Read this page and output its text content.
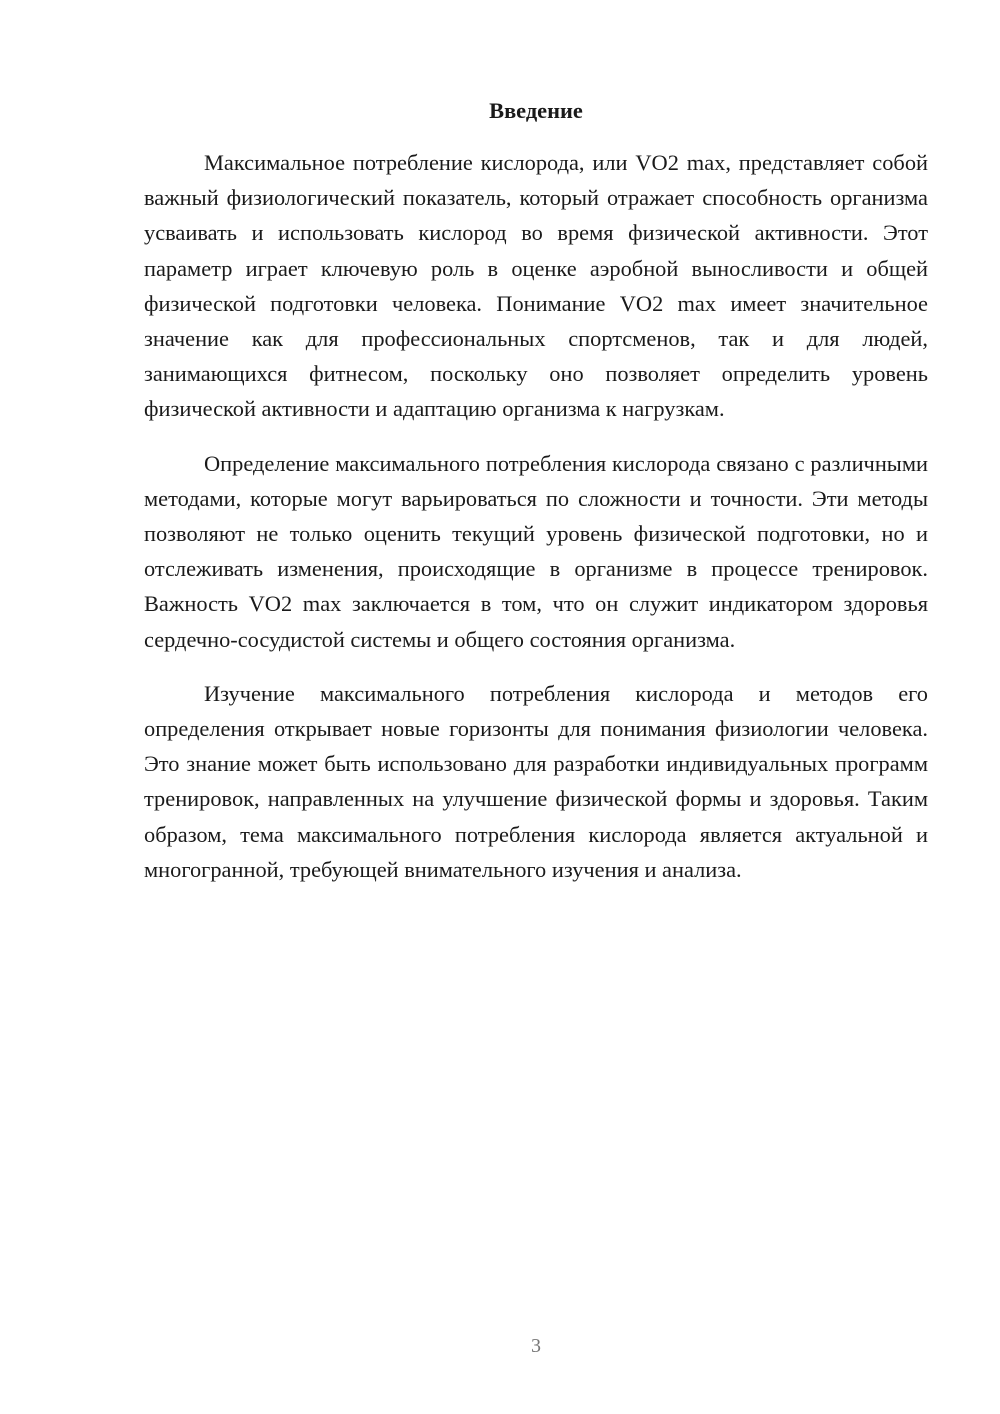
Введение

Максимальное потребление кислорода, или VO2 max, представляет собой важный физиологический показатель, который отражает способность организма усваивать и использовать кислород во время физической активности. Этот параметр играет ключевую роль в оценке аэробной выносливости и общей физической подготовки человека. Понимание VO2 max имеет значительное значение как для профессиональных спортсменов, так и для людей, занимающихся фитнесом, поскольку оно позволяет определить уровень физической активности и адаптацию организма к нагрузкам.

Определение максимального потребления кислорода связано с различными методами, которые могут варьироваться по сложности и точности. Эти методы позволяют не только оценить текущий уровень физической подготовки, но и отслеживать изменения, происходящие в организме в процессе тренировок. Важность VO2 max заключается в том, что он служит индикатором здоровья сердечно-сосудистой системы и общего состояния организма.

Изучение максимального потребления кислорода и методов его определения открывает новые горизонты для понимания физиологии человека. Это знание может быть использовано для разработки индивидуальных программ тренировок, направленных на улучшение физической формы и здоровья. Таким образом, тема максимального потребления кислорода является актуальной и многогранной, требующей внимательного изучения и анализа.

3
